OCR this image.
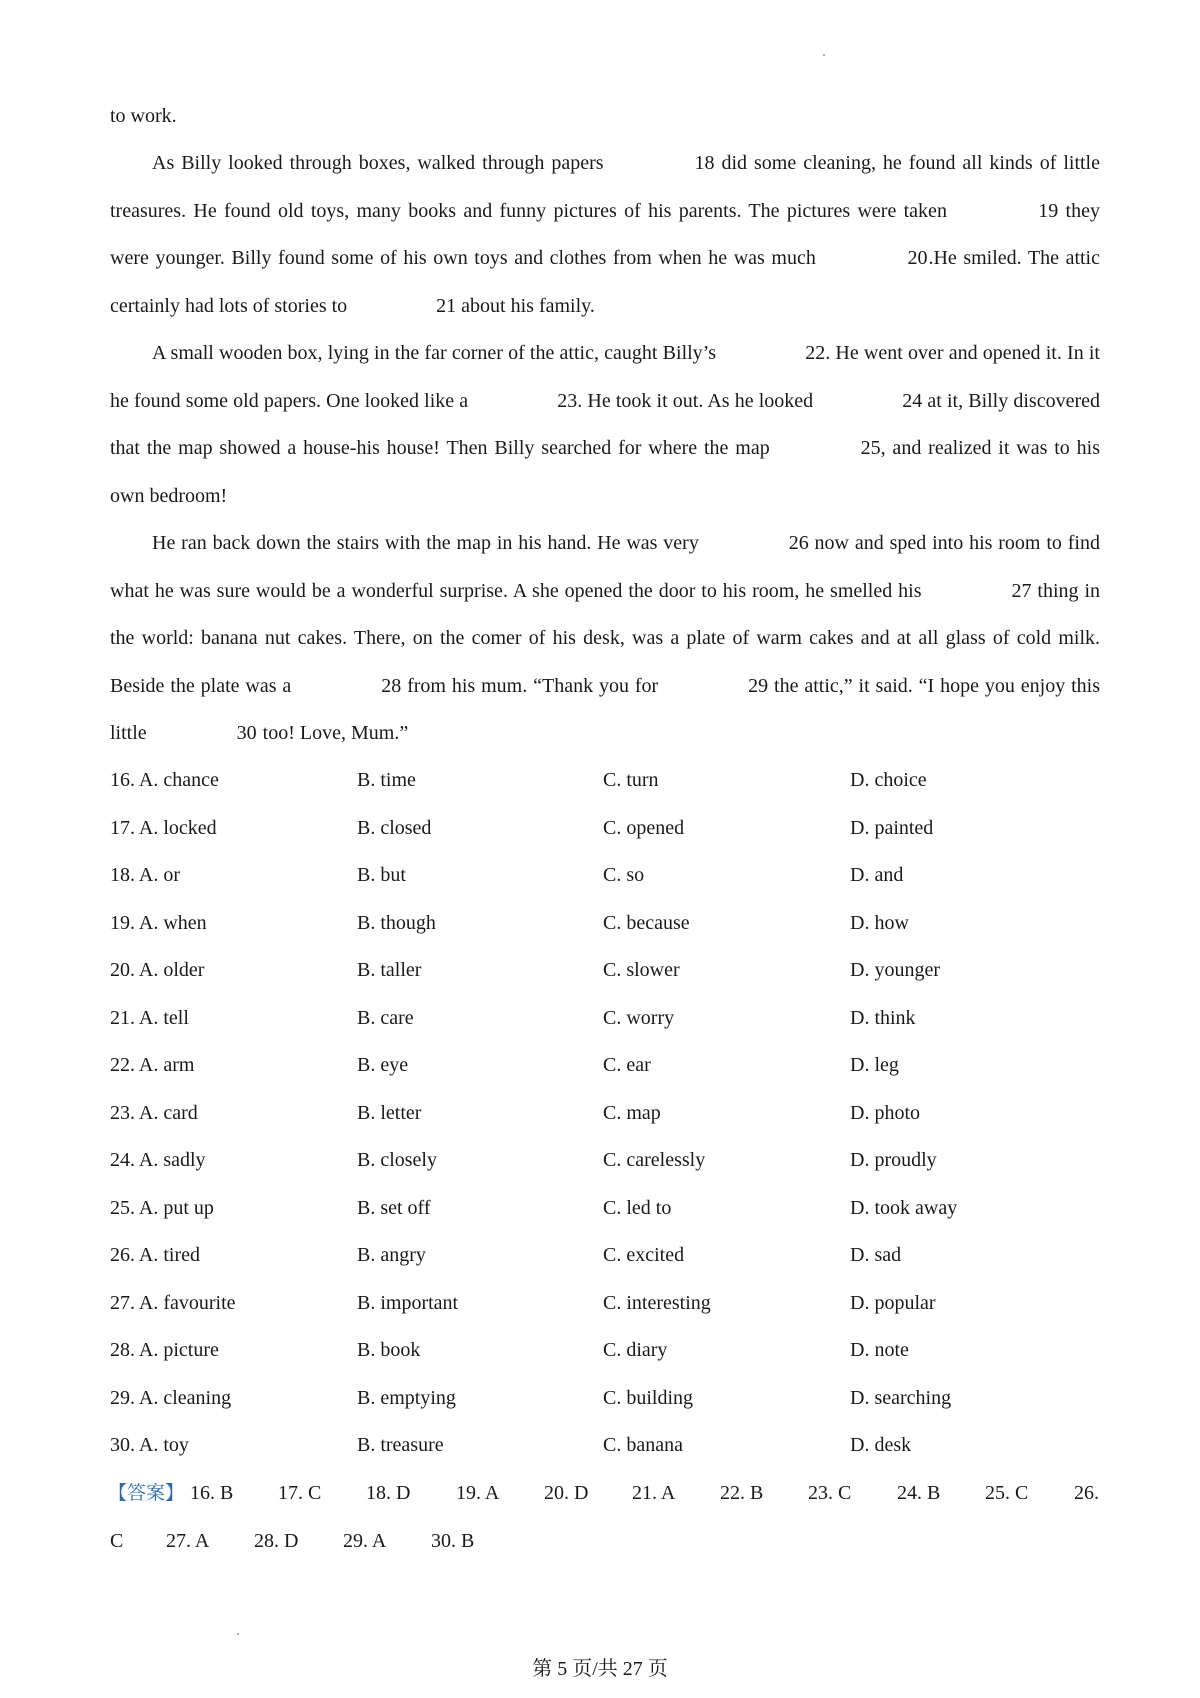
to work.

As Billy looked through boxes, walked through papers	18 did some cleaning, he found all kinds of little treasures. He found old toys, many books and funny pictures of his parents. The pictures were taken	19 they were younger. Billy found some of his own toys and clothes from when he was much	20.He smiled. The attic certainly had lots of stories to	21 about his family.

A small wooden box, lying in the far corner of the attic, caught Billy’s	22. He went over and opened it. In it he found some old papers. One looked like a	23. He took it out. As he looked	24 at it, Billy discovered that the map showed a house-his house! Then Billy searched for where the map	25, and realized it was to his own bedroom!

He ran back down the stairs with the map in his hand. He was very	26 now and sped into his room to find what he was sure would be a wonderful surprise. A she opened the door to his room, he smelled his	27 thing in the world: banana nut cakes. There, on the comer of his desk, was a plate of warm cakes and at all glass of cold milk. Beside the plate was a	28 from his mum. “Thank you for	29 the attic,” it said. “I hope you enjoy this little	30 too! Love, Mum.”

16. A. chance	B. time	C. turn	D. choice
17. A. locked	B. closed	C. opened	D. painted
18. A. or	B. but	C. so	D. and
19. A. when	B. though	C. because	D. how
20. A. older	B. taller	C. slower	D. younger
21. A. tell	B. care	C. worry	D. think
22. A. arm	B. eye	C. ear	D. leg
23. A. card	B. letter	C. map	D. photo
24. A. sadly	B. closely	C. carelessly	D. proudly
25. A. put up	B. set off	C. led to	D. took away
26. A. tired	B. angry	C. excited	D. sad
27. A. favourite	B. important	C. interesting	D. popular
28. A. picture	B. book	C. diary	D. note
29. A. cleaning	B. emptying	C. building	D. searching
30. A. toy	B. treasure	C. banana	D. desk
【答案】 16. B 17. C 18. D 19. A 20. D 21. A 22. B 23. C 24. B 25. C 26.
C 27. A 28. D 29. A 30. B
第 5 页/共 27 页
